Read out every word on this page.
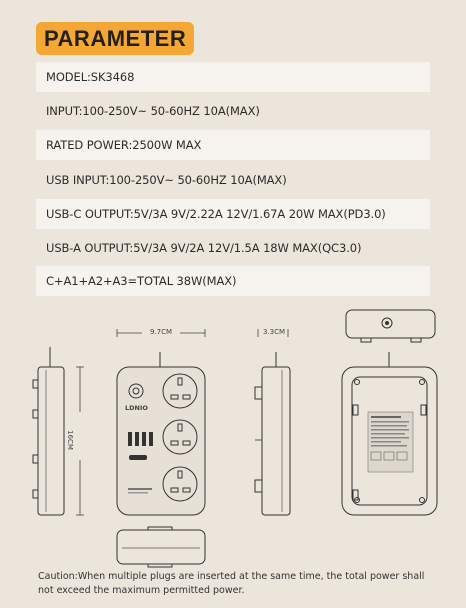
PARAMETER
MODEL:SK3468
INPUT:100-250V~ 50-60HZ 10A(MAX)
RATED POWER:2500W MAX
USB INPUT:100-250V~ 50-60HZ 10A(MAX)
USB-C OUTPUT:5V/3A 9V/2.22A 12V/1.67A 20W MAX(PD3.0)
USB-A OUTPUT:5V/3A 9V/2A 12V/1.5A 18W MAX(QC3.0)
C+A1+A2+A3=TOTAL 38W(MAX)
9.7CM	3.3CM
16CM
LDNIO
Caution:When multiple plugs are inserted at the same time, the total power shall not exceed the maximum permitted power.
